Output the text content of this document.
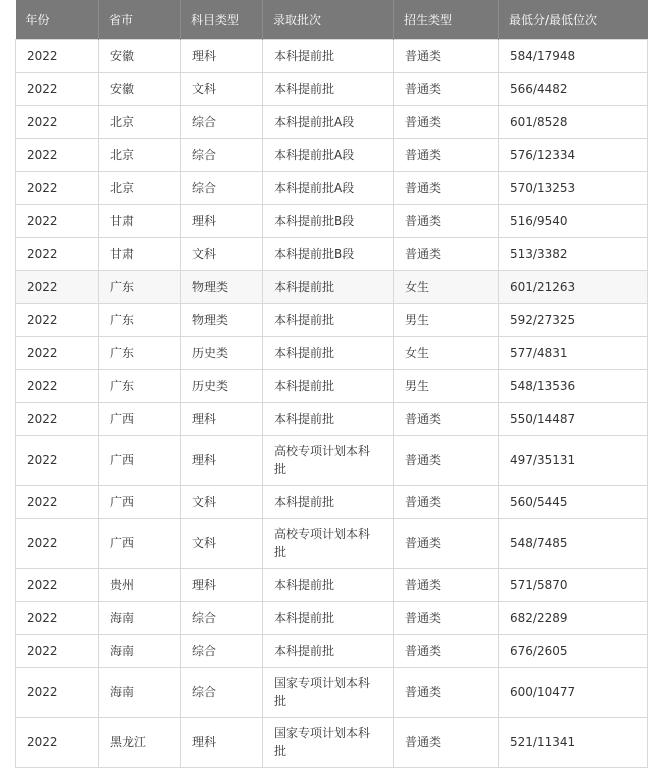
年份	省市	科目类型	录取批次	招生类型	最低分/最低位次
2022	安徽	理科	本科提前批	普通类	584/17948
2022	安徽	文科	本科提前批	普通类	566/4482
2022	北京	综合	本科提前批A段	普通类	601/8528
2022	北京	综合	本科提前批A段	普通类	576/12334
2022	北京	综合	本科提前批A段	普通类	570/13253
2022	甘肃	理科	本科提前批B段	普通类	516/9540
2022	甘肃	文科	本科提前批B段	普通类	513/3382
2022	广东	物理类	本科提前批	女生	601/21263
2022	广东	物理类	本科提前批	男生	592/27325
2022	广东	历史类	本科提前批	女生	577/4831
2022	广东	历史类	本科提前批	男生	548/13536
2022	广西	理科	本科提前批	普通类	550/14487
2022	广西	理科	高校专项计划本科批	普通类	497/35131
2022	广西	文科	本科提前批	普通类	560/5445
2022	广西	文科	高校专项计划本科批	普通类	548/7485
2022	贵州	理科	本科提前批	普通类	571/5870
2022	海南	综合	本科提前批	普通类	682/2289
2022	海南	综合	本科提前批	普通类	676/2605
2022	海南	综合	国家专项计划本科批	普通类	600/10477
2022	黑龙江	理科	国家专项计划本科批	普通类	521/11341
